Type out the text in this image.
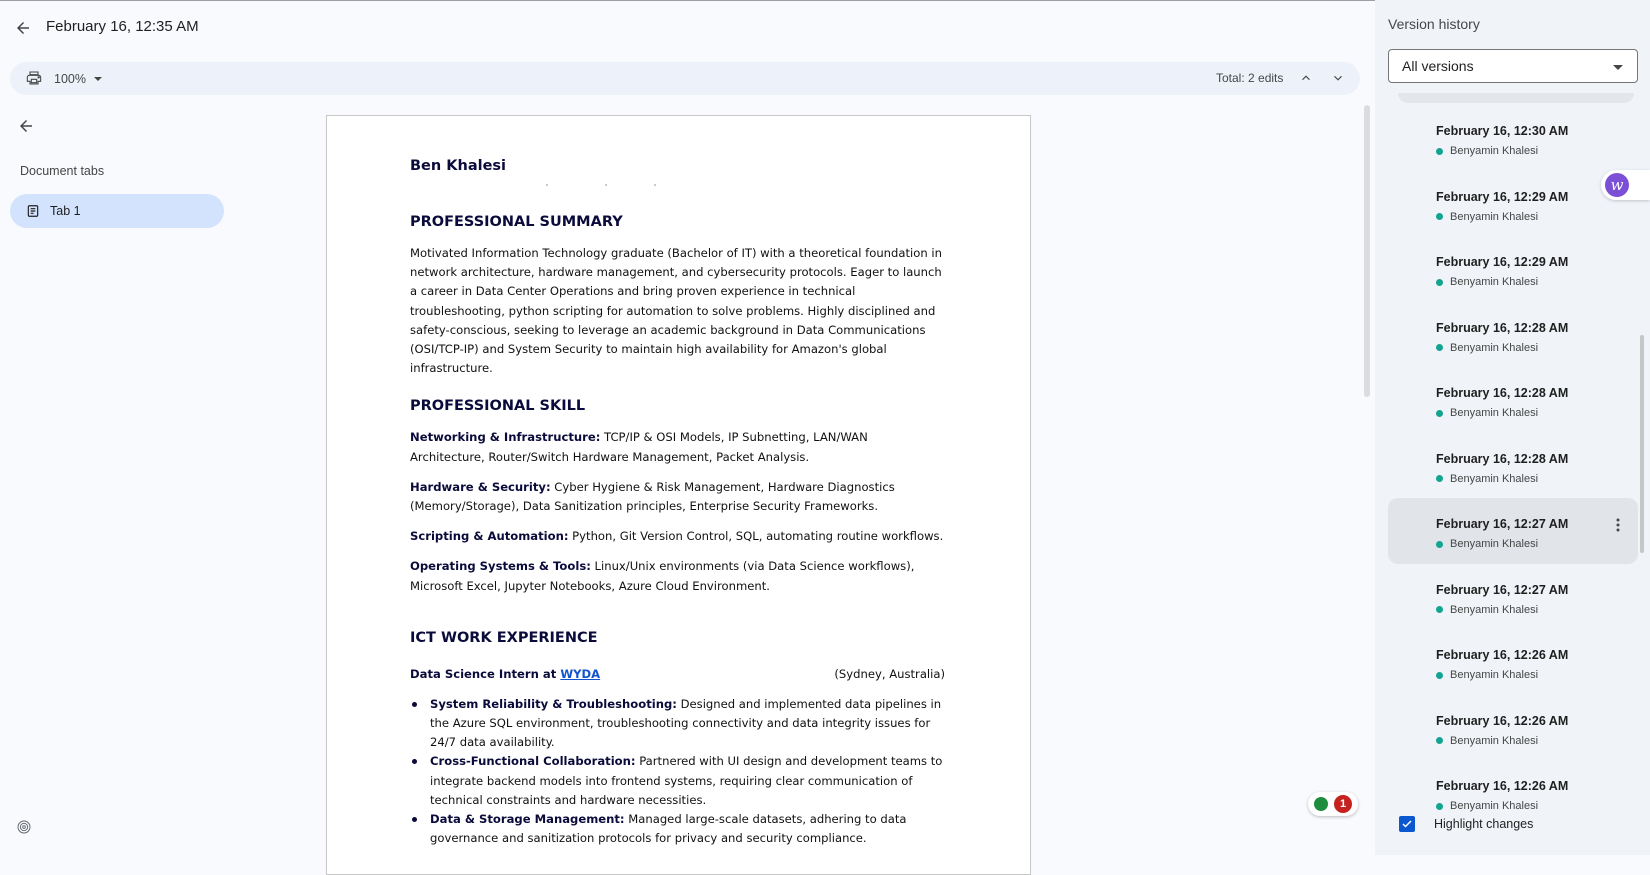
February 16, 12:35 AM
100%	Total: 2 edits
Document tabs
Tab 1
Ben Khalesi
PROFESSIONAL SUMMARY
Motivated Information Technology graduate (Bachelor of IT) with a theoretical foundation in network architecture, hardware management, and cybersecurity protocols. Eager to launch a career in Data Center Operations and bring proven experience in technical troubleshooting, python scripting for automation to solve problems. Highly disciplined and safety-conscious, seeking to leverage an academic background in Data Communications (OSI/TCP-IP) and System Security to maintain high availability for Amazon's global infrastructure.
PROFESSIONAL SKILL
Networking & Infrastructure: TCP/IP & OSI Models, IP Subnetting, LAN/WAN Architecture, Router/Switch Hardware Management, Packet Analysis.
Hardware & Security: Cyber Hygiene & Risk Management, Hardware Diagnostics (Memory/Storage), Data Sanitization principles, Enterprise Security Frameworks.
Scripting & Automation: Python, Git Version Control, SQL, automating routine workflows.
Operating Systems & Tools: Linux/Unix environments (via Data Science workflows), Microsoft Excel, Jupyter Notebooks, Azure Cloud Environment.
ICT WORK EXPERIENCE
Data Science Intern at WYDA	(Sydney, Australia)
System Reliability & Troubleshooting: Designed and implemented data pipelines in the Azure SQL environment, troubleshooting connectivity and data integrity issues for 24/7 data availability.
Cross-Functional Collaboration: Partnered with UI design and development teams to integrate backend models into frontend systems, requiring clear communication of technical constraints and hardware necessities.
Data & Storage Management: Managed large-scale datasets, adhering to data governance and sanitization protocols for privacy and security compliance.
1
Version history
All versions
February 16, 12:30 AM
Benyamin Khalesi
February 16, 12:29 AM
Benyamin Khalesi
February 16, 12:29 AM
Benyamin Khalesi
February 16, 12:28 AM
Benyamin Khalesi
February 16, 12:28 AM
Benyamin Khalesi
February 16, 12:28 AM
Benyamin Khalesi
February 16, 12:27 AM
Benyamin Khalesi
February 16, 12:27 AM
Benyamin Khalesi
February 16, 12:26 AM
Benyamin Khalesi
February 16, 12:26 AM
Benyamin Khalesi
February 16, 12:26 AM
Benyamin Khalesi
w
Highlight changes
